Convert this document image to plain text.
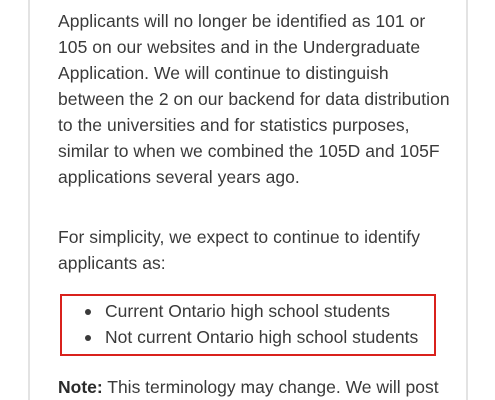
Applicants will no longer be identified as 101 or
105 on our websites and in the Undergraduate
Application. We will continue to distinguish
between the 2 on our backend for data distribution
to the universities and for statistics purposes,
similar to when we combined the 105D and 105F
applications several years ago.

For simplicity, we expect to continue to identify
applicants as:

Current Ontario high school students
Not current Ontario high school students

Note: This terminology may change. We will post
